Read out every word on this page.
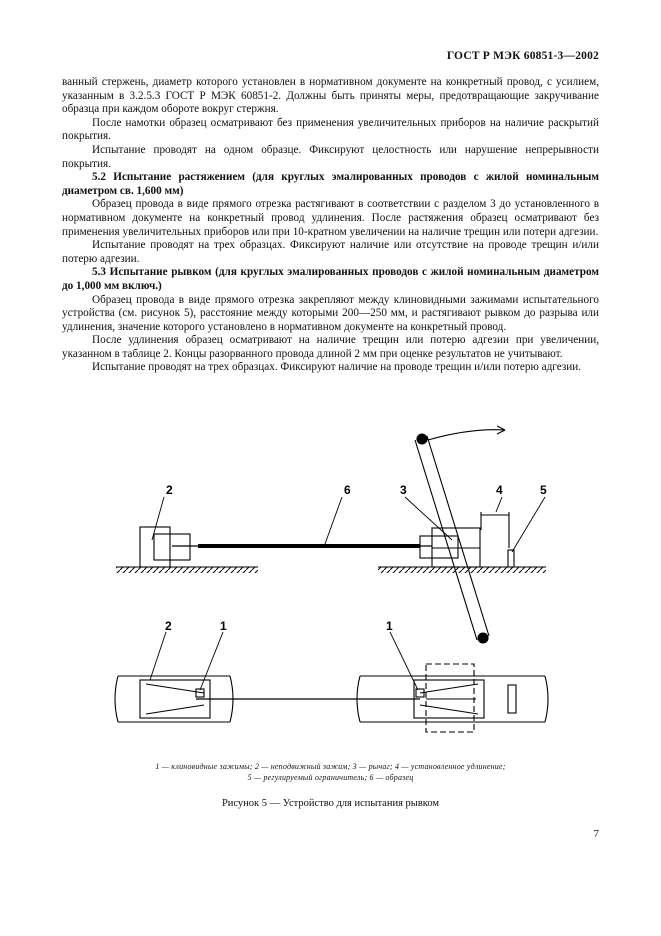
ГОСТ Р МЭК 60851-3—2002

ванный стержень, диаметр которого установлен в нормативном документе на конкретный провод, с усилием, указанным в 3.2.5.3 ГОСТ Р МЭК 60851-2. Должны быть приняты меры, предотвращающие закручивание образца при каждом обороте вокруг стержня.

После намотки образец осматривают без применения увеличительных приборов на наличие раскрытий покрытия.

Испытание проводят на одном образце. Фиксируют целостность или нарушение непрерывности покрытия.

5.2 Испытание растяжением (для круглых эмалированных проводов с жилой номинальным диаметром св. 1,600 мм)

Образец провода в виде прямого отрезка растягивают в соответствии с разделом 3 до установленного в нормативном документе на конкретный провод удлинения. После растяжения образец осматривают без применения увеличительных приборов или при 10-кратном увеличении на наличие трещин или потери адгезии.

Испытание проводят на трех образцах. Фиксируют наличие или отсутствие на проводе трещин и/или потерю адгезии.

5.3 Испытание рывком (для круглых эмалированных проводов с жилой номинальным диаметром до 1,000 мм включ.)

Образец провода в виде прямого отрезка закрепляют между клиновидными зажимами испытательного устройства (см. рисунок 5), расстояние между которыми 200—250 мм, и растягивают рывком до разрыва или удлинения, значение которого установлено в нормативном документе на конкретный провод.

После удлинения образец осматривают на наличие трещин или потерю адгезии при увеличении, указанном в таблице 2. Концы разорванного провода длиной 2 мм при оценке результатов не учитывают.

Испытание проводят на трех образцах. Фиксируют наличие на проводе трещин и/или потерю адгезии.

2	6	3	4	5
2	1	1
1 — клиновидные зажимы; 2 — неподвижный зажим; 3 — рычаг; 4 — установленное удлинение;
5 — регулируемый ограничитель; 6 — образец
Рисунок 5 — Устройство для испытания рывком
7
